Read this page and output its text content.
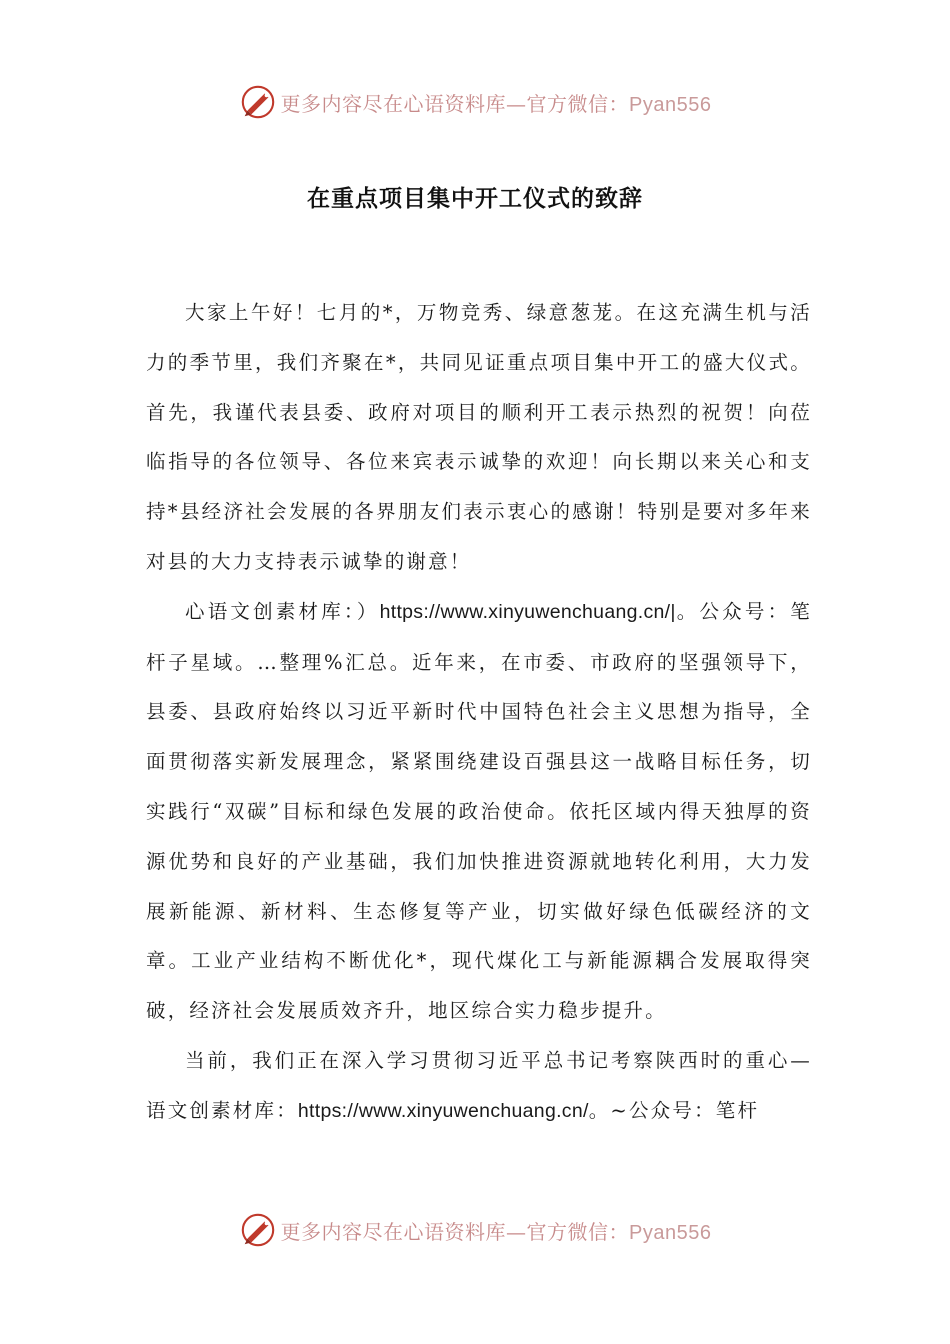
更多内容尽在心语资料库—官方微信：Pyan556
在重点项目集中开工仪式的致辞

大家上午好！七月的*，万物竞秀、绿意葱茏。在这充满生机与活力的季节里，我们齐聚在*，共同见证重点项目集中开工的盛大仪式。首先，我谨代表县委、政府对项目的顺利开工表示热烈的祝贺！向莅临指导的各位领导、各位来宾表示诚挚的欢迎！向长期以来关心和支持*县经济社会发展的各界朋友们表示衷心的感谢！特别是要对多年来对县的大力支持表示诚挚的谢意！

心语文创素材库：）https://www.xinyuwenchuang.cn/|。公众号：笔杆子星域。…整理%汇总。近年来，在市委、市政府的坚强领导下，县委、县政府始终以习近平新时代中国特色社会主义思想为指导，全面贯彻落实新发展理念，紧紧围绕建设百强县这一战略目标任务，切实践行“双碳”目标和绿色发展的政治使命。依托区域内得天独厚的资源优势和良好的产业基础，我们加快推进资源就地转化利用，大力发展新能源、新材料、生态修复等产业，切实做好绿色低碳经济的文章。工业产业结构不断优化*，现代煤化工与新能源耦合发展取得突破，经济社会发展质效齐升，地区综合实力稳步提升。

当前，我们正在深入学习贯彻习近平总书记考察陕西时的重心—语文创素材库：https://www.xinyuwenchuang.cn/。~公众号：笔杆

更多内容尽在心语资料库—官方微信：Pyan556
